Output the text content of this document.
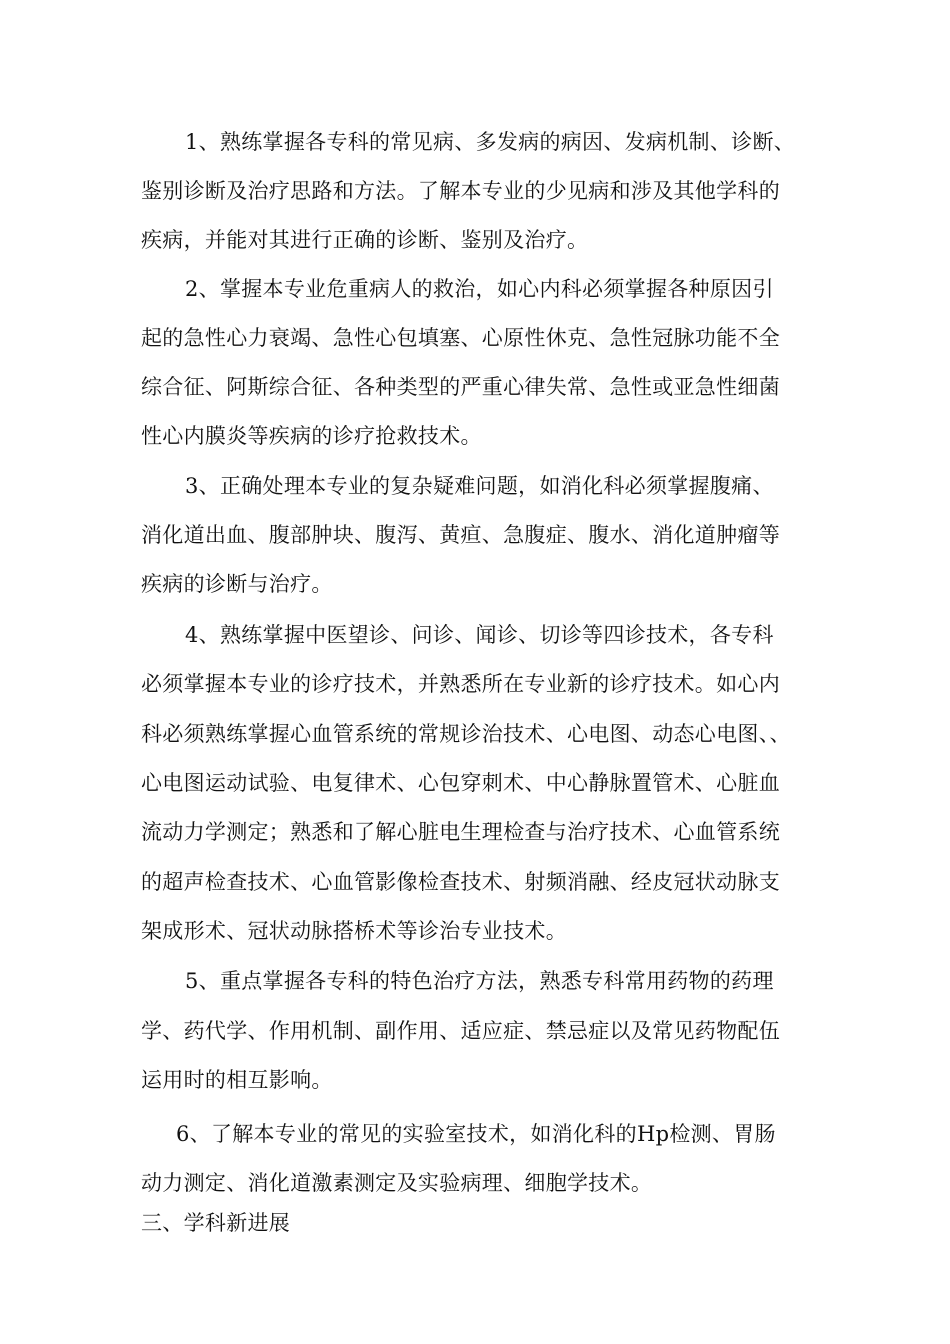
1、熟练掌握各专科的常见病、多发病的病因、发病机制、诊断、
鉴别诊断及治疗思路和方法。了解本专业的少见病和涉及其他学科的
疾病，并能对其进行正确的诊断、鉴别及治疗。
2、掌握本专业危重病人的救治，如心内科必须掌握各种原因引
起的急性心力衰竭、急性心包填塞、心原性休克、急性冠脉功能不全
综合征、阿斯综合征、各种类型的严重心律失常、急性或亚急性细菌
性心内膜炎等疾病的诊疗抢救技术。
3、正确处理本专业的复杂疑难问题，如消化科必须掌握腹痛、
消化道出血、腹部肿块、腹泻、黄疸、急腹症、腹水、消化道肿瘤等
疾病的诊断与治疗。
4、熟练掌握中医望诊、问诊、闻诊、切诊等四诊技术，各专科
必须掌握本专业的诊疗技术，并熟悉所在专业新的诊疗技术。如心内
科必须熟练掌握心血管系统的常规诊治技术、心电图、动态心电图、、
心电图运动试验、电复律术、心包穿刺术、中心静脉置管术、心脏血
流动力学测定；熟悉和了解心脏电生理检查与治疗技术、心血管系统
的超声检查技术、心血管影像检查技术、射频消融、经皮冠状动脉支
架成形术、冠状动脉搭桥术等诊治专业技术。
5、重点掌握各专科的特色治疗方法，熟悉专科常用药物的药理
学、药代学、作用机制、副作用、适应症、禁忌症以及常见药物配伍
运用时的相互影响。
6、了解本专业的常见的实验室技术，如消化科的Hp检测、胃肠
动力测定、消化道激素测定及实验病理、细胞学技术。
三、学科新进展
